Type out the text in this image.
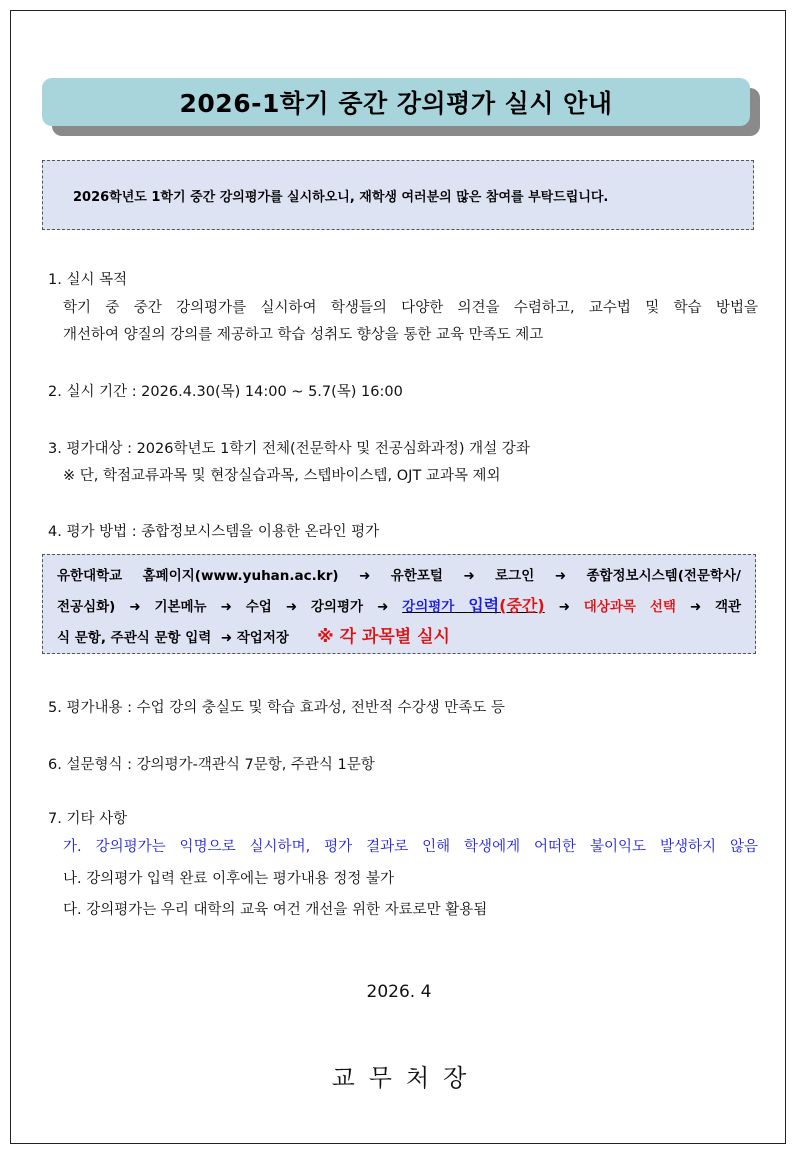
2026-1학기 중간 강의평가 실시 안내
2026학년도 1학기 중간 강의평가를 실시하오니, 재학생 여러분의 많은 참여를 부탁드립니다.
1. 실시 목적
학기 중 중간 강의평가를 실시하여 학생들의 다양한 의견을 수렴하고, 교수법 및 학습 방법을
개선하여 양질의 강의를 제공하고 학습 성취도 향상을 통한 교육 만족도 제고
2. 실시 기간 : 2026.4.30(목) 14:00 ~ 5.7(목) 16:00
3. 평가대상 : 2026학년도 1학기 전체(전문학사 및 전공심화과정) 개설 강좌
※ 단, 학점교류과목 및 현장실습과목, 스텝바이스텝, OJT 교과목 제외
4. 평가 방법 : 종합정보시스템을 이용한 온라인 평가
유한대학교 홈페이지(www.yuhan.ac.kr) ➜ 유한포털 ➜ 로그인 ➜ 종합정보시스템(전문학사/
전공심화) ➜ 기본메뉴 ➜ 수업 ➜ 강의평가 ➜ 강의평가 입력(중간) ➜ 대상과목 선택 ➜ 객관
식 문항, 주관식 문항 입력 ➜ 작업저장 ※ 각 과목별 실시
5. 평가내용 : 수업 강의 충실도 및 학습 효과성, 전반적 수강생 만족도 등
6. 설문형식 : 강의평가-객관식 7문항, 주관식 1문항
7. 기타 사항
가. 강의평가는 익명으로 실시하며, 평가 결과로 인해 학생에게 어떠한 불이익도 발생하지 않음
나. 강의평가 입력 완료 이후에는 평가내용 정정 불가
다. 강의평가는 우리 대학의 교육 여건 개선을 위한 자료로만 활용됨
2026. 4
교무처장
